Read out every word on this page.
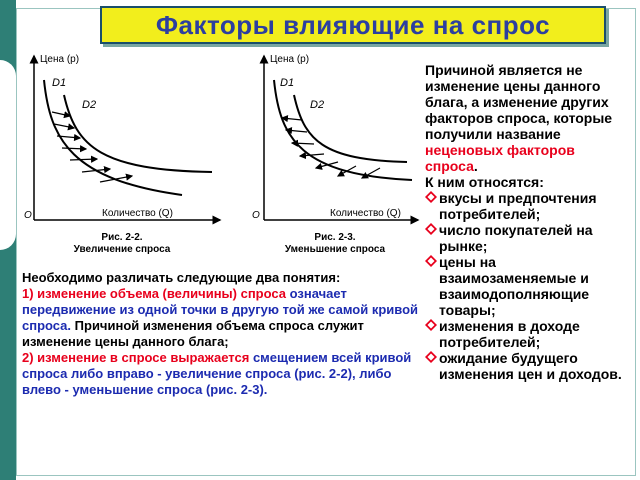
Факторы влияющие на спрос
Цена (p)
Количество (Q)
O
D1
D2
Рис. 2-2.
Увеличение спроса
Цена (p)
Количество (Q)
O
D1
D2
Рис. 2-3.
Уменьшение спроса
Необходимо различать следующие два понятия:
1) изменение объема (величины) спроса означает передвижение из одной точки в другую той же самой кривой спроса. Причиной изменения объема спроса служит изменение цены данного блага;
2) изменение в спросе выражается смещением всей кривой спроса либо вправо - увеличение спроса (рис. 2-2), либо влево - уменьшение спроса (рис. 2-3).
Причиной является не изменение цены данного блага, а изменение других факторов спроса, которые получили название неценовых факторов спроса.
К ним относятся:
вкусы и предпочтения потребителей;
число покупателей на рынке;
цены на взаимозаменяемые и взаимодополняющие товары;
изменения в доходе потребителей;
ожидание будущего изменения цен и доходов.
